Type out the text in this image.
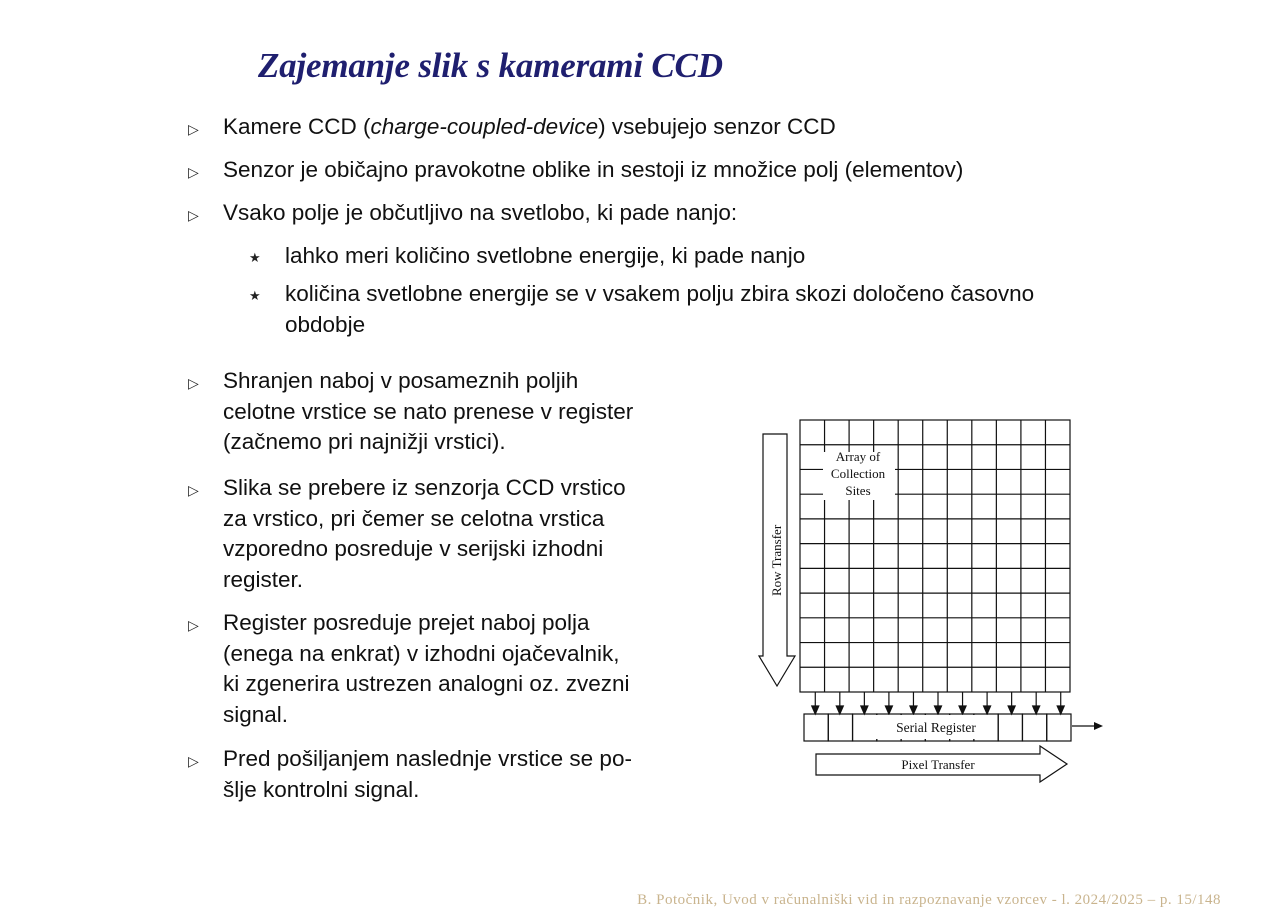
Zajemanje slik s kamerami CCD
▷ Kamere CCD (charge-coupled-device) vsebujejo senzor CCD
▷ Senzor je običajno pravokotne oblike in sestoji iz množice polj (elementov)
▷ Vsako polje je občutljivo na svetlobo, ki pade nanjo:
★ lahko meri količino svetlobne energije, ki pade nanjo
★ količina svetlobne energije se v vsakem polju zbira skozi določeno časovno
obdobje
▷ Shranjen naboj v posameznih poljih
celotne vrstice se nato prenese v register
(začnemo pri najnižji vrstici).
▷ Slika se prebere iz senzorja CCD vrstico
za vrstico, pri čemer se celotna vrstica
vzporedno posreduje v serijski izhodni
register.
▷ Register posreduje prejet naboj polja
(enega na enkrat) v izhodni ojačevalnik,
ki zgenerira ustrezen analogni oz. zvezni
signal.
▷ Pred pošiljanjem naslednje vrstice se po-
šlje kontrolni signal.
Array of
Collection
Sites
Row Transfer
Serial Register
Pixel Transfer
B. Potočnik, Uvod v računalniški vid in razpoznavanje vzorcev - l. 2024/2025 – p. 15/148
